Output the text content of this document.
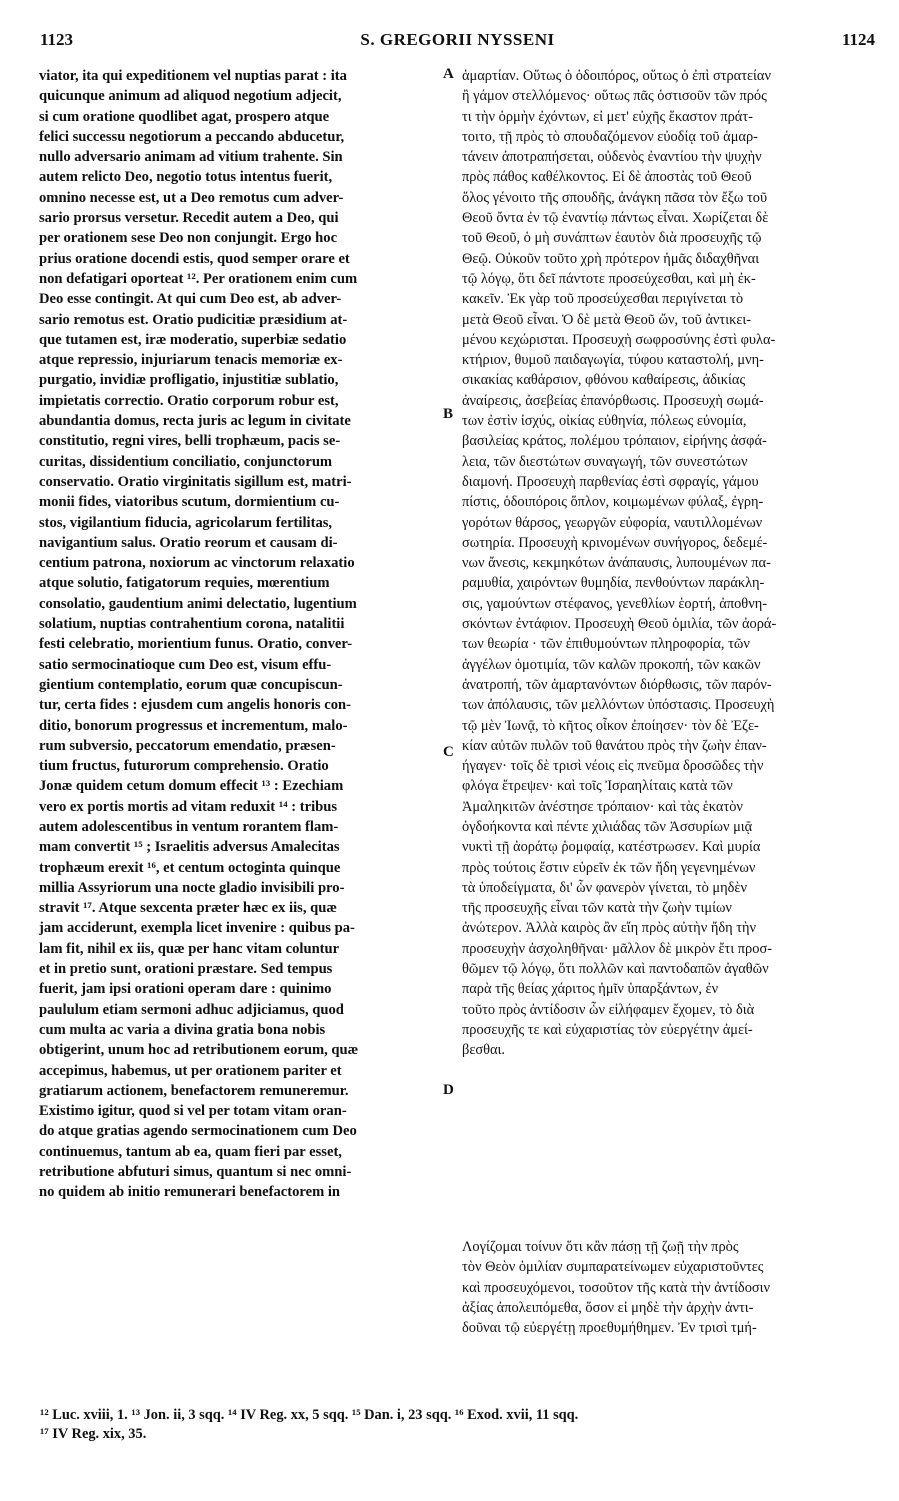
1123	S. GREGORII NYSSENI	1124
viator, ita qui expeditionem vel nuptias parat : ita
quicunque animum ad aliquod negotium adjecit,
si cum oratione quodlibet agat, prospero atque
felici successu negotiorum a peccando abducetur,
nullo adversario animam ad vitium trahente. Sin
autem relicto Deo, negotio totus intentus fuerit,
omnino necesse est, ut a Deo remotus cum adver-
sario prorsus versetur. Recedit autem a Deo, qui
per orationem sese Deo non conjungit. Ergo hoc
prius oratione docendi estis, quod semper orare et
non defatigari oporteat ¹². Per orationem enim cum
Deo esse contingit. At qui cum Deo est, ab adver-
sario remotus est. Oratio pudicitiæ præsidium at-
que tutamen est, iræ moderatio, superbiæ sedatio
atque repressio, injuriarum tenacis memoriæ ex-
purgatio, invidiæ profligatio, injustitiæ sublatio,
impietatis correctio. Oratio corporum robur est,
abundantia domus, recta juris ac legum in civitate
constitutio, regni vires, belli trophæum, pacis se-
curitas, dissidentium conciliatio, conjunctorum
conservatio. Oratio virginitatis sigillum est, matri-
monii fides, viatoribus scutum, dormientium cu-
stos, vigilantium fiducia, agricolarum fertilitas,
navigantium salus. Oratio reorum et causam di-
centium patrona, noxiorum ac vinctorum relaxatio
atque solutio, fatigatorum requies, mœrentium
consolatio, gaudentium animi delectatio, lugentium
solatium, nuptias contrahentium corona, natalitii
festi celebratio, morientium funus. Oratio, conver-
satio sermocinatioque cum Deo est, visum effu-
gientium contemplatio, eorum quæ concupiscun-
tur, certa fides : ejusdem cum angelis honoris con-
ditio, bonorum progressus et incrementum, malo-
rum subversio, peccatorum emendatio, præsen-
tium fructus, futurorum comprehensio. Oratio
Jonæ quidem cetum domum effecit ¹³ : Ezechiam
vero ex portis mortis ad vitam reduxit ¹⁴ : tribus
autem adolescentibus in ventum rorantem flam-
mam convertit ¹⁵ ; Israelitis adversus Amalecitas
trophæum erexit ¹⁶, et centum octoginta quinque
millia Assyriorum una nocte gladio invisibili pro-
stravit ¹⁷. Atque sexcenta præter hæc ex iis, quæ
jam acciderunt, exempla licet invenire : quibus pa-
lam fit, nihil ex iis, quæ per hanc vitam coluntur
et in pretio sunt, orationi præstare. Sed tempus
fuerit, jam ipsi orationi operam dare : quinimo
paululum etiam sermoni adhuc adjiciamus, quod
cum multa ac varia a divina gratia bona nobis
obtigerint, unum hoc ad retributionem eorum, quæ
accepimus, habemus, ut per orationem pariter et
gratiarum actionem, benefactorem remuneremur.
Existimo igitur, quod si vel per totam vitam oran-
do atque gratias agendo sermocinationem cum Deo
continuemus, tantum ab ea, quam fieri par esset,
retributione abfuturi simus, quantum si nec omni-
no quidem ab initio remunerari benefactorem in
ἁμαρτίαν. Οὕτως ὁ ὁδοιπόρος, οὕτως ὁ ἐπὶ στρατείαν
ἢ γάμον στελλόμενος· οὕτως πᾶς ὁστισοῦν τῶν πρός
τι τὴν ὁρμὴν ἐχόντων, εἰ μετ' εὐχῆς ἕκαστον πράτ-
τοιτο, τῇ πρὸς τὸ σπουδαζόμενον εὐοδίᾳ τοῦ ἁμαρ-
τάνειν ἀποτραπήσεται, οὐδενὸς ἐναντίου τὴν ψυχὴν
πρὸς πάθος καθέλκοντος. Εἰ δὲ ἀποστὰς τοῦ Θεοῦ
ὅλος γένοιτο τῆς σπουδῆς, ἀνάγκη πᾶσα τὸν ἔξω τοῦ
Θεοῦ ὄντα ἐν τῷ ἐναντίῳ πάντως εἶναι. Χωρίζεται δὲ
τοῦ Θεοῦ, ὁ μὴ συνάπτων ἑαυτὸν διὰ προσευχῆς τῷ
Θεῷ. Οὐκοῦν τοῦτο χρὴ πρότερον ἡμᾶς διδαχθῆναι
τῷ λόγῳ, ὅτι δεῖ πάντοτε προσεύχεσθαι, καὶ μὴ ἐκ-
κακεῖν. Ἐκ γὰρ τοῦ προσεύχεσθαι περιγίνεται τὸ
μετὰ Θεοῦ εἶναι. Ὁ δὲ μετὰ Θεοῦ ὤν, τοῦ ἀντικει-
μένου κεχώρισται. Προσευχὴ σωφροσύνης ἐστὶ φυλα-
κτήριον, θυμοῦ παιδαγωγία, τύφου καταστολή, μνη-
σικακίας καθάρσιον, φθόνου καθαίρεσις, ἀδικίας
ἀναίρεσις, ἀσεβείας ἐπανόρθωσις. Προσευχὴ σωμά-
των ἐστὶν ἰσχύς, οἰκίας εὐθηνία, πόλεως εὐνομία,
βασιλείας κράτος, πολέμου τρόπαιον, εἰρήνης ἀσφά-
λεια, τῶν διεστώτων συναγωγή, τῶν συνεστώτων
διαμονή. Προσευχὴ παρθενίας ἐστὶ σφραγίς, γάμου
πίστις, ὁδοιπόροις ὅπλον, κοιμωμένων φύλαξ, ἐγρη-
γορότων θάρσος, γεωργῶν εὐφορία, ναυτιλλομένων
σωτηρία. Προσευχὴ κρινομένων συνήγορος, δεδεμέ-
νων ἄνεσις, κεκμηκότων ἀνάπαυσις, λυπουμένων πα-
ραμυθία, χαιρόντων θυμηδία, πενθούντων παράκλη-
σις, γαμούντων στέφανος, γενεθλίων ἑορτή, ἀποθνη-
σκόντων ἐντάφιον. Προσευχὴ Θεοῦ ὁμιλία, τῶν ἀορά-
των θεωρία · τῶν ἐπιθυμούντων πληροφορία, τῶν
ἀγγέλων ὁμοτιμία, τῶν καλῶν προκοπή, τῶν κακῶν
ἀνατροπή, τῶν ἁμαρτανόντων διόρθωσις, τῶν παρόν-
των ἀπόλαυσις, τῶν μελλόντων ὑπόστασις. Προσευχὴ
τῷ μὲν Ἰωνᾷ, τὸ κῆτος οἶκον ἐποίησεν· τὸν δὲ Ἐζε-
κίαν αὐτῶν πυλῶν τοῦ θανάτου πρὸς τὴν ζωὴν ἐπαν-
ήγαγεν· τοῖς δὲ τρισὶ νέοις εἰς πνεῦμα δροσῶδες τὴν
φλόγα ἔτρεψεν· καὶ τοῖς Ἰσραηλίταις κατὰ τῶν
Ἀμαληκιτῶν ἀνέστησε τρόπαιον· καὶ τὰς ἑκατὸν
ὀγδοήκοντα καὶ πέντε χιλιάδας τῶν Ἀσσυρίων μιᾷ
νυκτὶ τῇ ἀοράτῳ ῥομφαίᾳ, κατέστρωσεν. Καὶ μυρία
πρὸς τούτοις ἔστιν εὑρεῖν ἐκ τῶν ἤδη γεγενημένων
τὰ ὑποδείγματα, δι' ὧν φανερὸν γίνεται, τὸ μηδὲν
τῆς προσευχῆς εἶναι τῶν κατὰ τὴν ζωὴν τιμίων
ἀνώτερον. Ἀλλὰ καιρὸς ἂν εἴη πρὸς αὐτὴν ἤδη τὴν
προσευχὴν ἀσχοληθῆναι· μᾶλλον δὲ μικρὸν ἔτι προσ-
θῶμεν τῷ λόγῳ, ὅτι πολλῶν καὶ παντοδαπῶν ἀγαθῶν
παρὰ τῆς θείας χάριτος ἡμῖν ὑπαρξάντων, ἐν
τοῦτο πρὸς ἀντίδοσιν ὧν εἰλήφαμεν ἔχομεν, τὸ διὰ
προσευχῆς τε καὶ εὐχαριστίας τὸν εὐεργέτην ἀμεί-
βεσθαι.
Λογίζομαι τοίνυν ὅτι κἂν πάσῃ τῇ ζωῇ τὴν πρὸς
τὸν Θεὸν ὁμιλίαν συμπαρατείνωμεν εὐχαριστοῦντες
καὶ προσευχόμενοι, τοσοῦτον τῆς κατὰ τὴν ἀντίδοσιν
ἀξίας ἀπολειπόμεθα, ὅσον εἰ μηδὲ τὴν ἀρχὴν ἀντι-
δοῦναι τῷ εὐεργέτῃ προεθυμήθημεν. Ἐν τρισὶ τμή-
A
B
C
D
¹² Luc. xviii, 1. ¹³ Jon. ii, 3 sqq. ¹⁴ IV Reg. xx, 5 sqq. ¹⁵ Dan. i, 23 sqq. ¹⁶ Exod. xvii, 11 sqq.
¹⁷ IV Reg. xix, 35.
